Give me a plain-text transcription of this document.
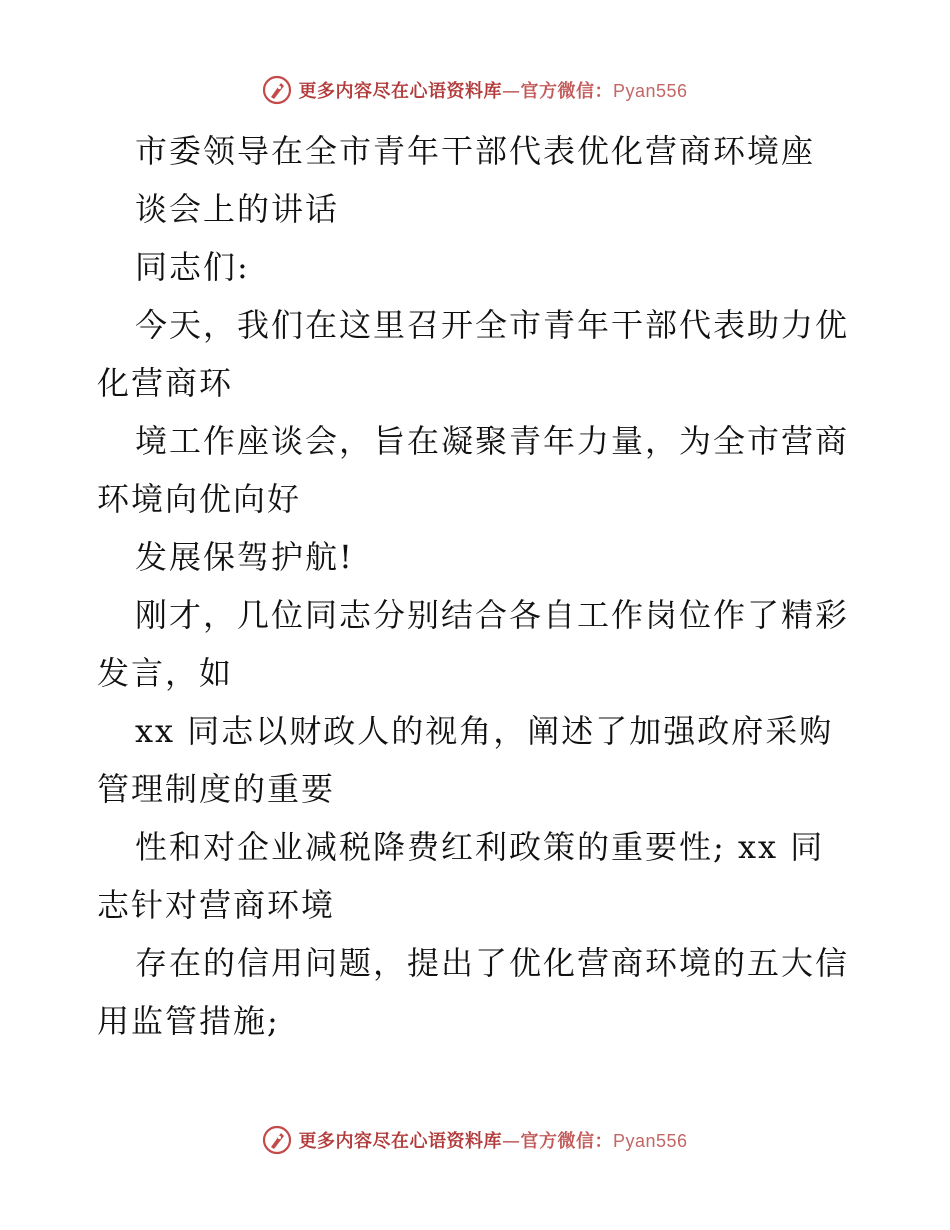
更多内容尽在心语资料库—官方微信：Pyan556
市委领导在全市青年干部代表优化营商环境座
谈会上的讲话
同志们:
今天，我们在这里召开全市青年干部代表助力优
化营商环
境工作座谈会，旨在凝聚青年力量，为全市营商
环境向优向好
发展保驾护航!
刚才，几位同志分别结合各自工作岗位作了精彩
发言，如
xx 同志以财政人的视角，阐述了加强政府采购
管理制度的重要
性和对企业减税降费红利政策的重要性; xx 同
志针对营商环境
存在的信用问题，提出了优化营商环境的五大信
用监管措施;
更多内容尽在心语资料库—官方微信：Pyan556
